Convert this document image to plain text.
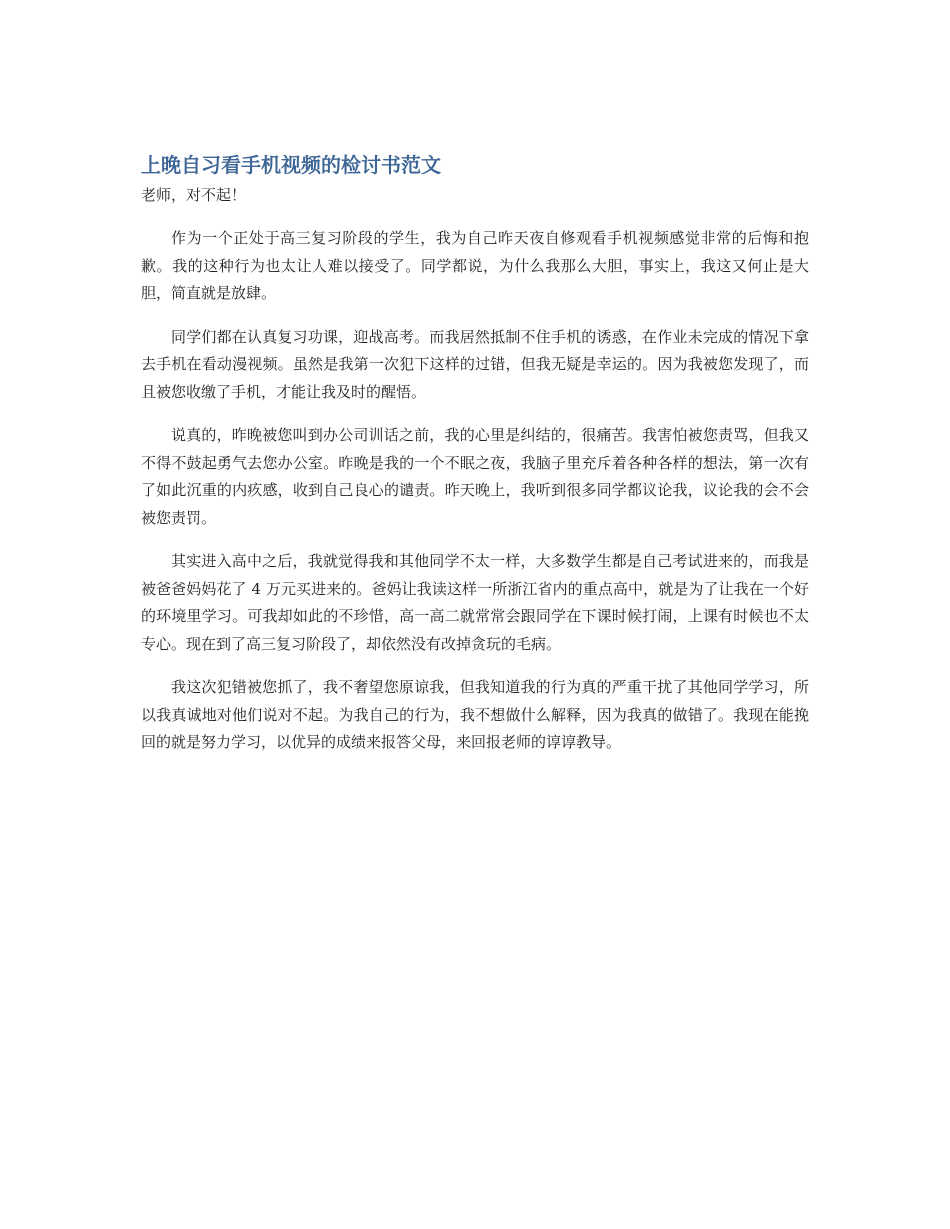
上晚自习看手机视频的检讨书范文

老师，对不起！

作为一个正处于高三复习阶段的学生，我为自己昨天夜自修观看手机视频感觉非常的后悔和抱歉。我的这种行为也太让人难以接受了。同学都说，为什么我那么大胆，事实上，我这又何止是大胆，简直就是放肆。

同学们都在认真复习功课，迎战高考。而我居然抵制不住手机的诱惑，在作业未完成的情况下拿去手机在看动漫视频。虽然是我第一次犯下这样的过错，但我无疑是幸运的。因为我被您发现了，而且被您收缴了手机，才能让我及时的醒悟。

说真的，昨晚被您叫到办公司训话之前，我的心里是纠结的，很痛苦。我害怕被您责骂，但我又不得不鼓起勇气去您办公室。昨晚是我的一个不眠之夜，我脑子里充斥着各种各样的想法，第一次有了如此沉重的内疚感，收到自己良心的谴责。昨天晚上，我听到很多同学都议论我，议论我的会不会被您责罚。

其实进入高中之后，我就觉得我和其他同学不太一样，大多数学生都是自己考试进来的，而我是被爸爸妈妈花了 4 万元买进来的。爸妈让我读这样一所浙江省内的重点高中，就是为了让我在一个好的环境里学习。可我却如此的不珍惜，高一高二就常常会跟同学在下课时候打闹，上课有时候也不太专心。现在到了高三复习阶段了，却依然没有改掉贪玩的毛病。

我这次犯错被您抓了，我不奢望您原谅我，但我知道我的行为真的严重干扰了其他同学学习，所以我真诚地对他们说对不起。为我自己的行为，我不想做什么解释，因为我真的做错了。我现在能挽回的就是努力学习，以优异的成绩来报答父母，来回报老师的谆谆教导。
